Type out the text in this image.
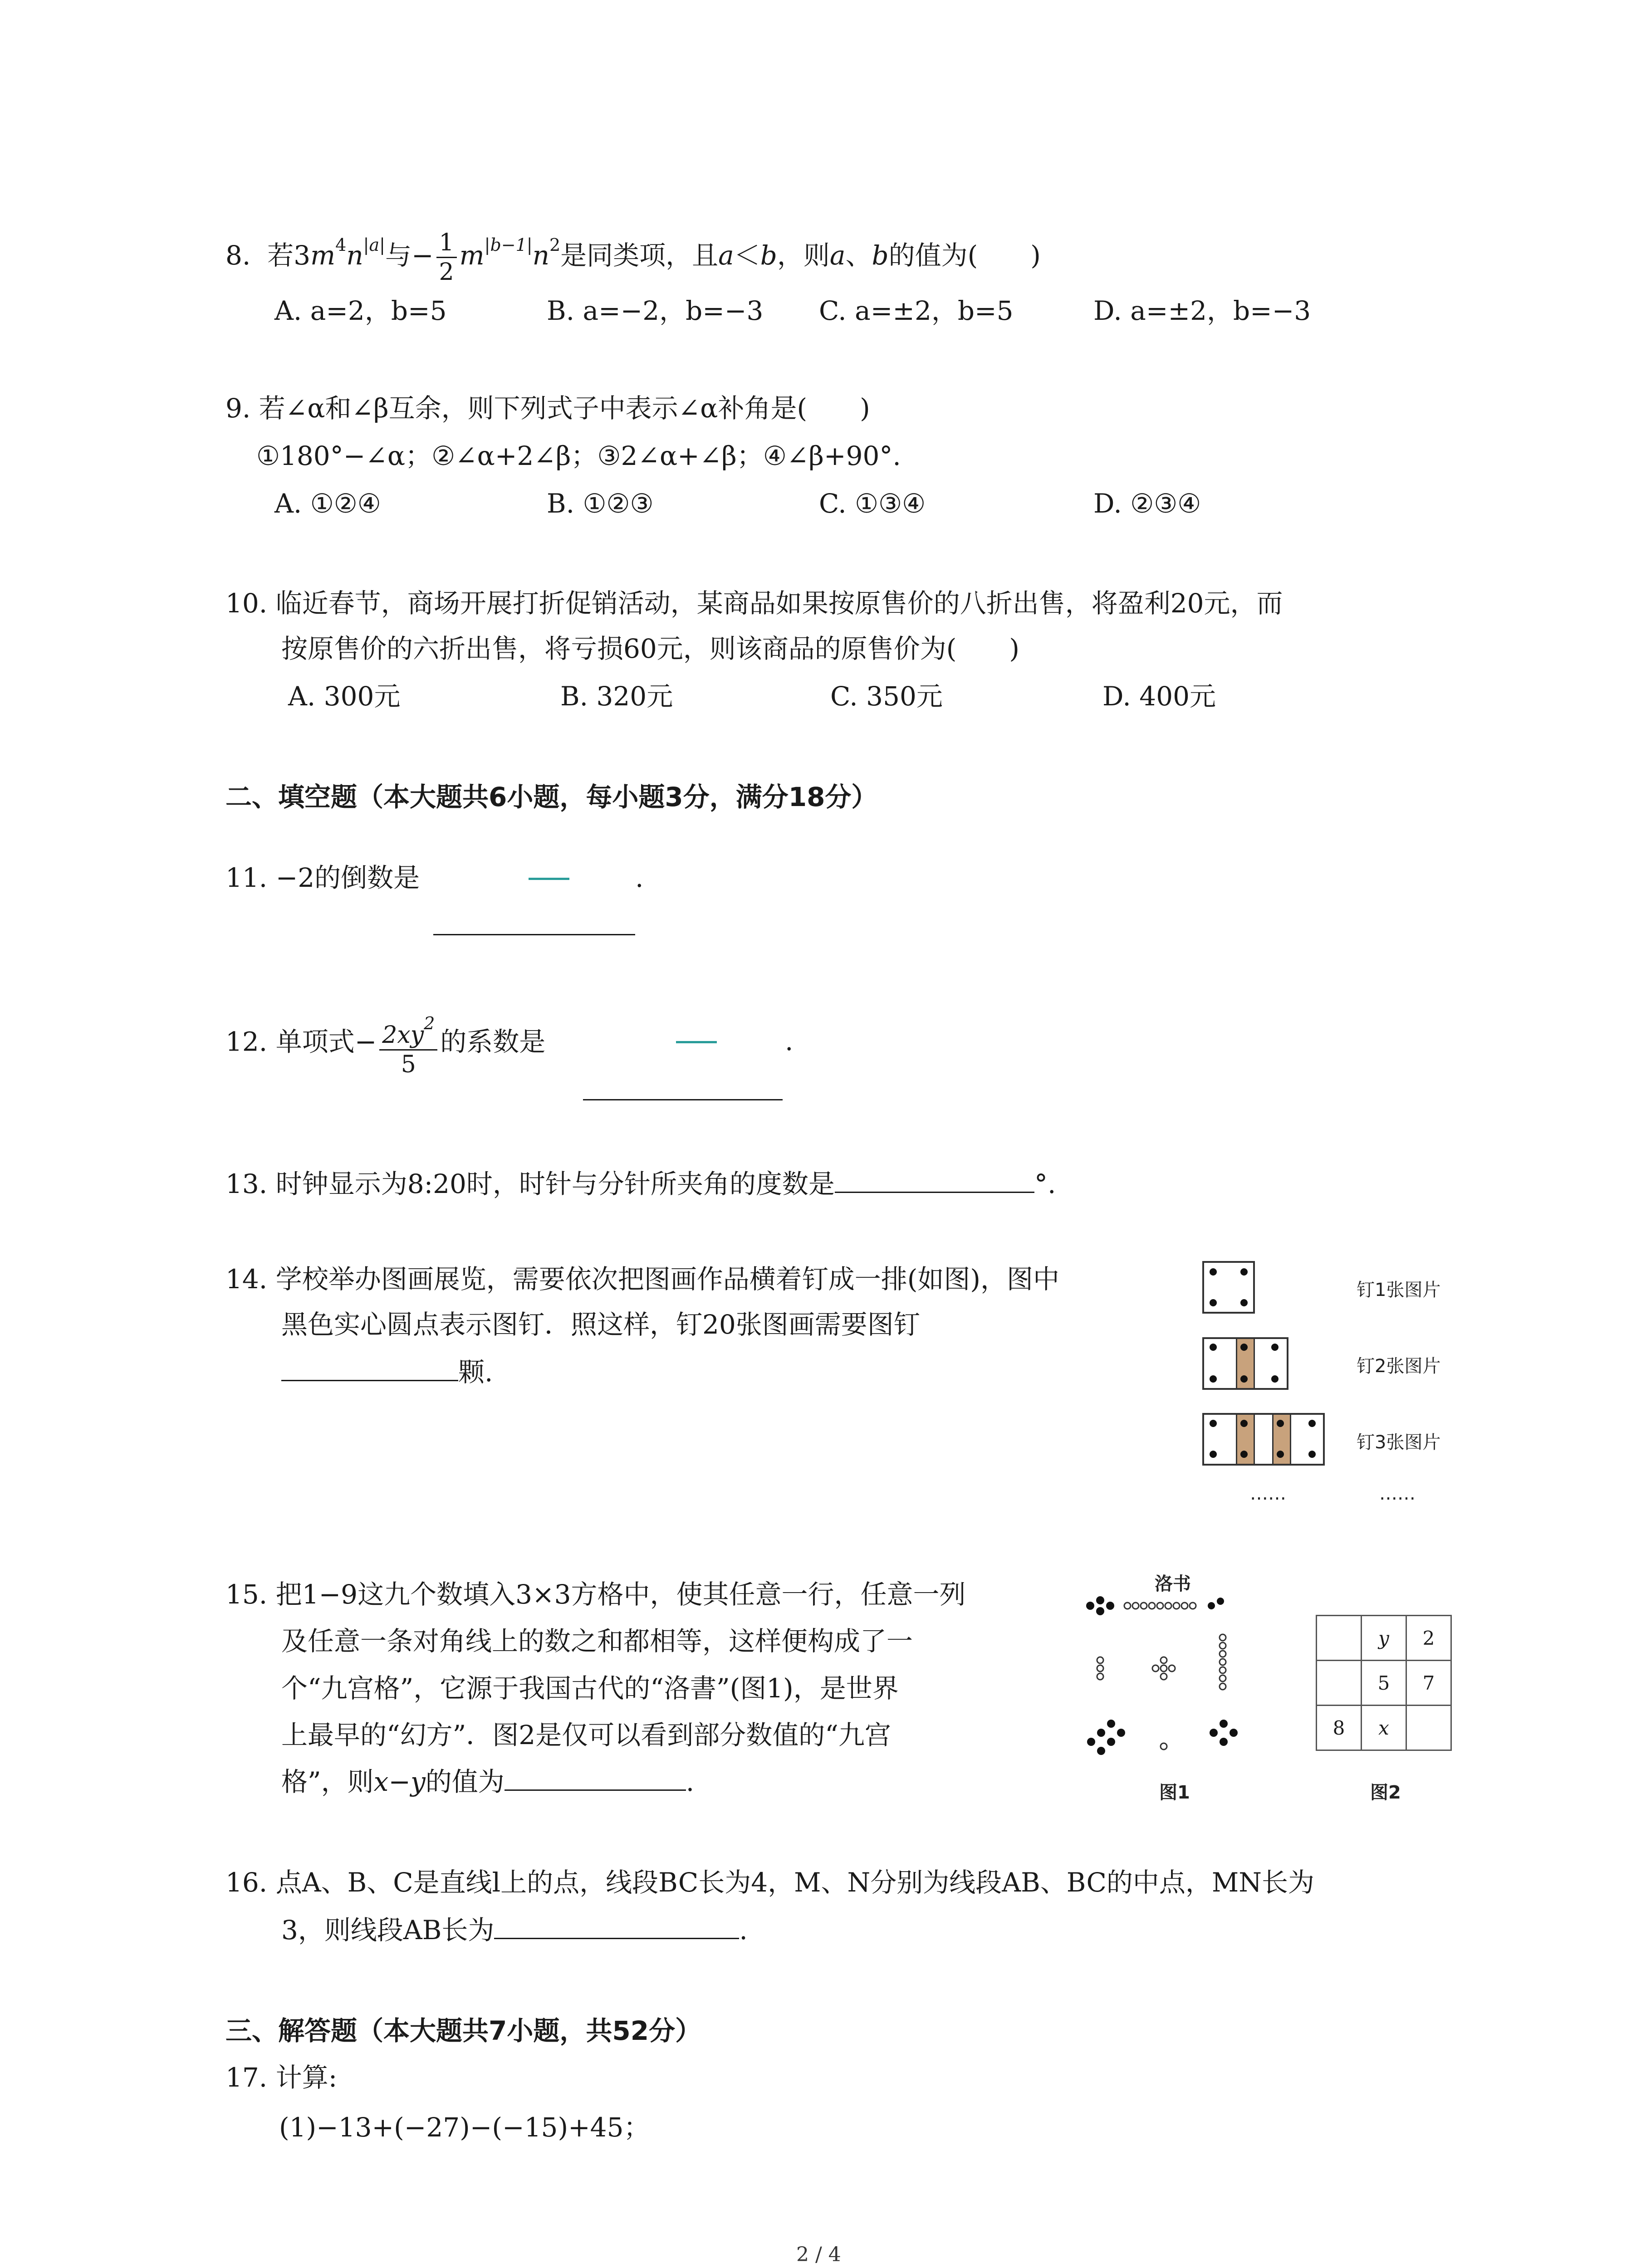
8. 若$3m^4n^{|a|}$与− $\frac{1}{2} m^{|b-1|}n^2$是同类项，且a＜b，则a、b的值为(　　)
A. a=2，b=5	B. a=−2，b=−3 C. a=±2，b=5	D. a=±2，b=−3
9. 若∠α和∠β互余，则下列式子中表示∠α补角是(　　)
①180°−∠α；②∠α+2∠β；③2∠α+∠β；④∠β+90°.
A. ①②④	B. ①②③	C. ①③④	D. ②③④
10. 临近春节，商场开展打折促销活动，某商品如果按原售价的八折出售，将盈利20元，而
按原售价的六折出售，将亏损60元，则该商品的原售价为(　　)
A. 300元	B. 320元	C. 350元	D. 400元
二、填空题（本大题共6小题，每小题3分，满分18分）
11. −2的倒数是	.
12. 单项式− $\frac{2xy^2}{5}$ 的系数是	.
13. 时钟显示为8:20时，时针与分针所夹角的度数是	°.
14. 学校举办图画展览，需要依次把图画作品横着钉成一排(如图)，图中
黑色实心圆点表示图钉．照这样，钉20张图画需要图钉
颗.
钉1张图片
钉2张图片
钉3张图片
……	……
15. 把1−9这九个数填入3×3方格中，使其任意一行，任意一列
及任意一条对角线上的数之和都相等，这样便构成了一
个“九宫格”，它源于我国古代的“洛書”(图1)，是世界
上最早的“幻方”．图2是仅可以看到部分数值的“九宫
格”，则x−y的值为	.
洛书
图1
	y	2
	5	7
8	x	
图2
16. 点A、B、C是直线l上的点，线段BC长为4，M、N分别为线段AB、BC的中点，MN长为
3，则线段AB长为	.
三、解答题（本大题共7小题，共52分）
17. 计算:
(1)−13+(−27)−(−15)+45；
2 / 4
